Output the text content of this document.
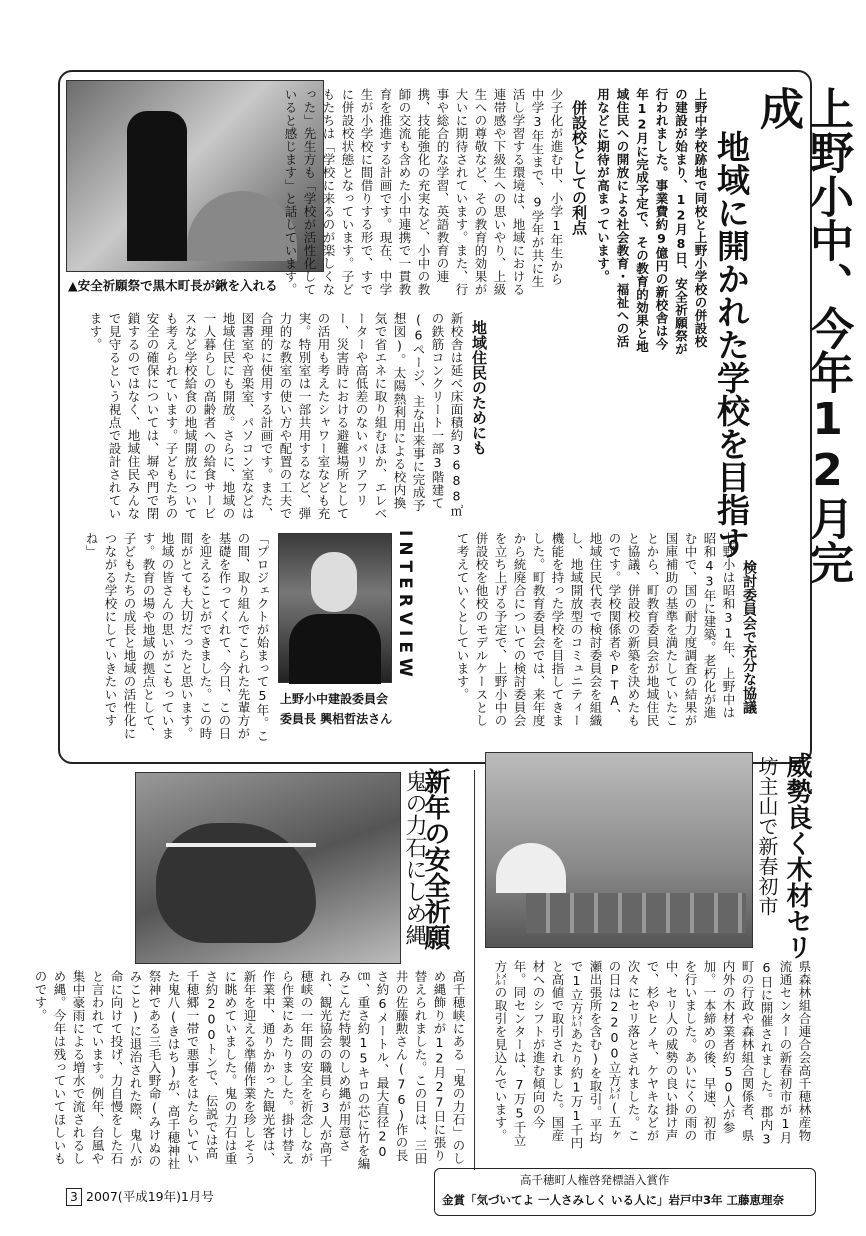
上野小中、今年12月完成
地域に開かれた学校を目指す
上野中学校跡地で同校と上野小学校の併設校の建設が始まり、12月8日、安全祈願祭が行われました。事業費約9億円の新校舎は今年12月に完成予定で、その教育的効果と地域住民への開放による社会教育・福祉への活用などに期待が高まっています。
▲安全祈願祭で黒木町長が鍬を入れる
併設校としての利点
少子化が進む中、小学1年生から中学3年生まで、9学年が共に生活し学習する環境は、地域における連帯感や下級生への思いやり、上級生への尊敬など、その教育的効果が大いに期待されています。また、行事や総合的な学習、英語教育の連携、技能強化の充実など、小中の教師の交流も含めた小中連携で一貫教育を推進する計画です。現在、中学生が小学校に間借りする形で、すでに併設校状態となっています。子どもたちは「学校に来るのが楽しくなった」先生方も「学校が活性化していると感じます」と話しています。
地域住民のためにも
新校舎は延べ床面積約3688㎡の鉄筋コンクリート一部3階建て(6ページ、主な出来事に完成予想図)。太陽熱利用による校内換気で省エネに取り組むほか、エレベーターや高低差のないバリアフリー、災害時における避難場所としての活用も考えたシャワー室なども充実。特別室は一部共用するなど、弾力的な教室の使い方や配置の工夫で合理的に使用する計画です。また、図書室や音楽室、パソコン室などは地域住民にも開放。さらに、地域の一人暮らしの高齢者への給食サービスなど学校給食の地域開放についても考えられています。子どもたちの安全の確保については、塀や門で閉鎖するのではなく、地域住民みんなで見守るという視点で設計されています。
検討委員会で充分な協議
上野小は昭和31年、上野中は昭和43年に建築。老朽化が進む中で、国の耐力度調査の結果が国庫補助の基準を満たしていたことから、町教育委員会が地域住民と協議、併設校の新築を決めたものです。学校関係者やPTA、地域住民代表で検討委員会を組織し、地域開放型のコミュニティー機能を持った学校を目指してきました。町教育委員会では、来年度から統廃合についての検討委員会を立ち上げる予定で、上野小中の併設校を他校のモデルケースとして考えていくとしています。
INTERVIEW
上野小中建設委員会
委員長 興梠哲法さん
「プロジェクトが始まって5年。この間、取り組んでこられた先輩方が基礎を作ってくれて、今日、この日を迎えることができました。この時間がとても大切だったと思います。地域の皆さんの思いがこもっています。教育の場や地域の拠点として、子どもたちの成長と地域の活性化につながる学校にしていきたいですね」
新年の安全祈願
鬼の力石にしめ縄
高千穂峡にある「鬼の力石」のしめ縄飾りが12月27日に張り替えられました。この日は、三田井の佐藤勲さん(76)作の長さ約6メートル、最大直径20㎝、重さ約15キロの芯に竹を編みこんだ特製のしめ縄が用意され、観光協会の職員ら3人が高千穂峡の一年間の安全を祈念しながら作業にあたりました。掛け替え作業中、通りかかった観光客は、新年を迎える準備作業を珍しそうに眺めていました。鬼の力石は重さ約200トンで、伝説では高千穂郷一帯で悪事をはたらいていた鬼八(きはち)が、高千穂神社祭神である三毛入野命(みけぬのみこと)に退治された際、鬼八が命に向けて投げ、力自慢をした石と言われています。例年、台風や集中豪雨による増水で流されるしめ縄。今年は残っていてほしいものです。
威勢良く木材セリ
坊主山で新春初市
県森林組合連合会高千穂林産物流通センターの新春初市が1月6日に開催されました。郡内3町の行政や森林組合関係者、県内外の木材業者約50人が参加。一本締めの後、早速、初市を行いました。あいにくの雨の中、セリ人の威勢の良い掛け声で、杉やヒノキ、ケヤキなどが次々にセリ落とされました。この日は2200立方㍍(五ヶ瀬出張所を含む)を取引。平均で1立方㍍あたり約1万1千円と高値で取引されました。国産材へのシフトが進む傾向の今年。同センターは、7万5千立方㍍の取引を見込んでいます。
3 2007(平成19年)1月号
高千穂町人権啓発標語入賞作
金賞「気づいてよ 一人さみしく いる人に」岩戸中3年 工藤恵理奈
